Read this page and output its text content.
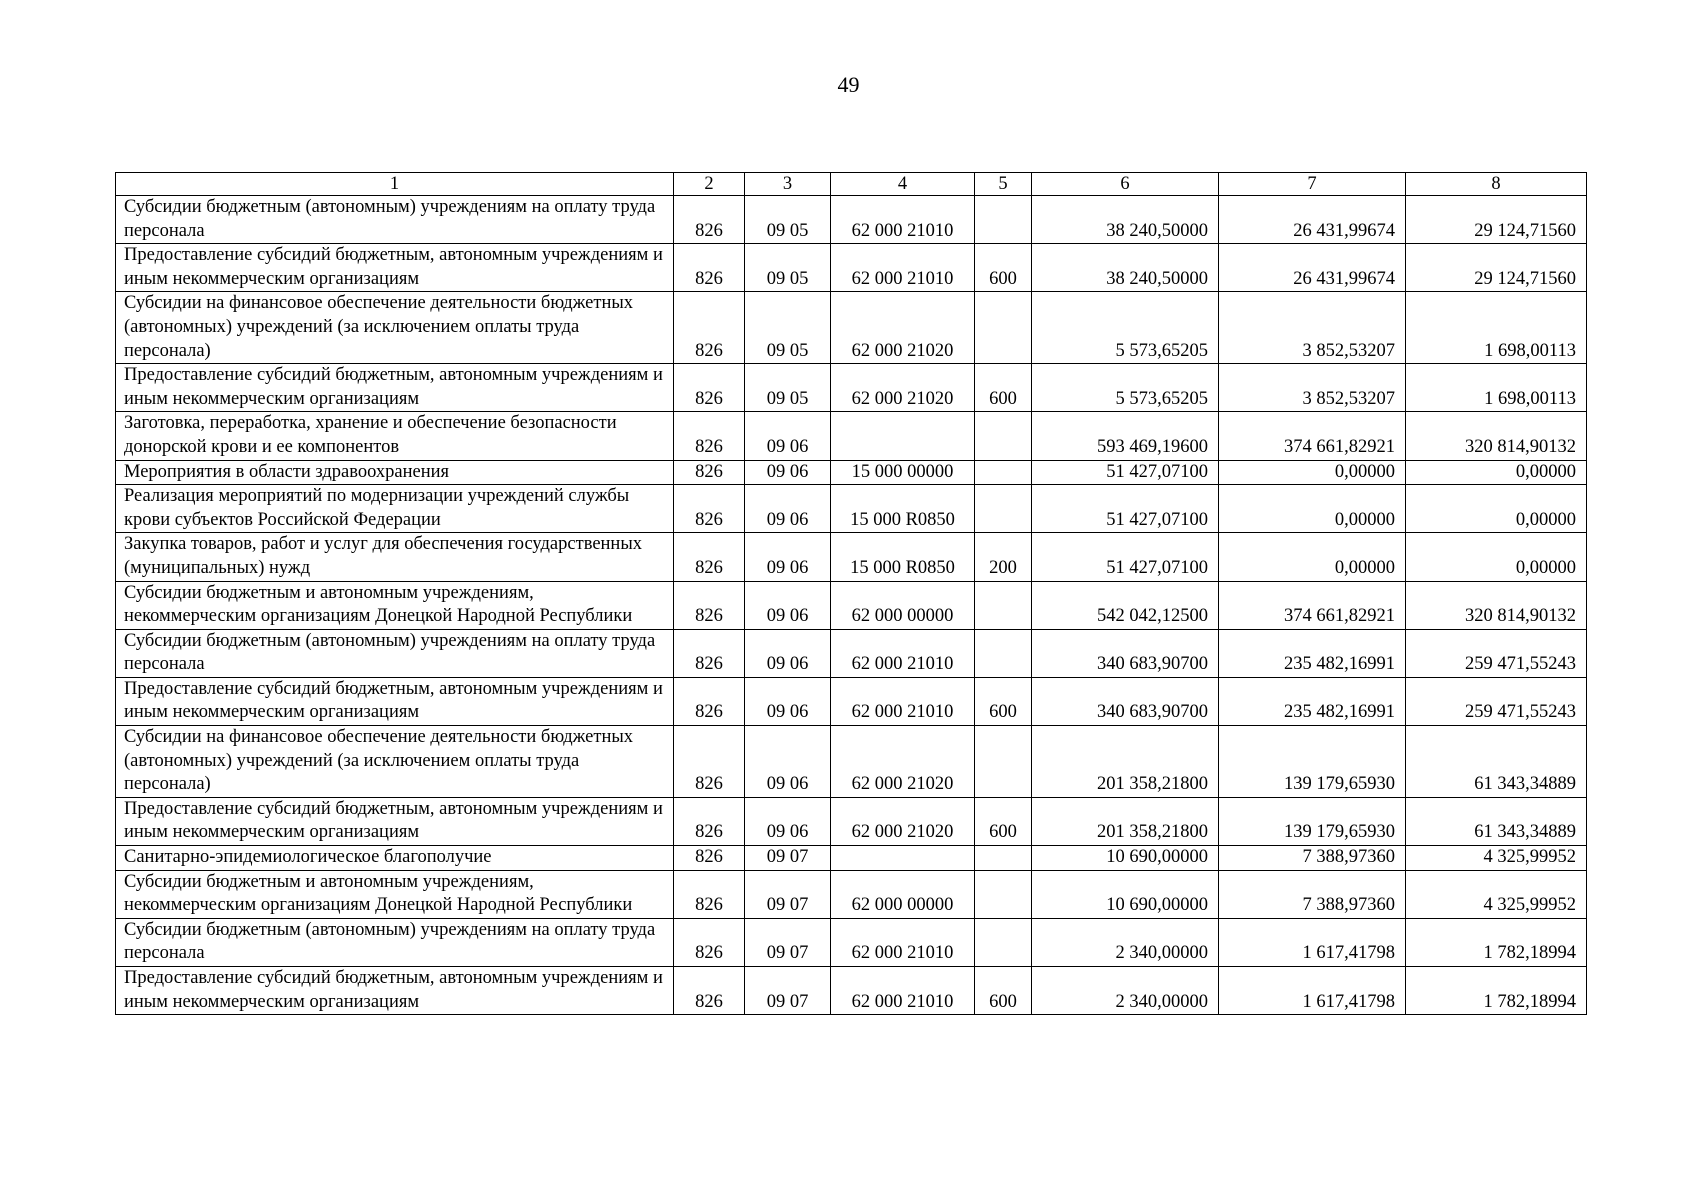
49
1	2	3	4	5	6	7	8
Субсидии бюджетным (автономным) учреждениям на оплату труда персонала	826	09 05	62 000 21010		38 240,50000	26 431,99674	29 124,71560
Предоставление субсидий бюджетным, автономным учреждениям и иным некоммерческим организациям	826	09 05	62 000 21010	600	38 240,50000	26 431,99674	29 124,71560
Субсидии на финансовое обеспечение деятельности бюджетных (автономных) учреждений (за исключением оплаты труда персонала)	826	09 05	62 000 21020		5 573,65205	3 852,53207	1 698,00113
Предоставление субсидий бюджетным, автономным учреждениям и иным некоммерческим организациям	826	09 05	62 000 21020	600	5 573,65205	3 852,53207	1 698,00113
Заготовка, переработка, хранение и обеспечение безопасности донорской крови и ее компонентов	826	09 06			593 469,19600	374 661,82921	320 814,90132
Мероприятия в области здравоохранения	826	09 06	15 000 00000		51 427,07100	0,00000	0,00000
Реализация мероприятий по модернизации учреждений службы крови субъектов Российской Федерации	826	09 06	15 000 R0850		51 427,07100	0,00000	0,00000
Закупка товаров, работ и услуг для обеспечения государственных (муниципальных) нужд	826	09 06	15 000 R0850	200	51 427,07100	0,00000	0,00000
Субсидии бюджетным и автономным учреждениям, некоммерческим организациям Донецкой Народной Республики	826	09 06	62 000 00000		542 042,12500	374 661,82921	320 814,90132
Субсидии бюджетным (автономным) учреждениям на оплату труда персонала	826	09 06	62 000 21010		340 683,90700	235 482,16991	259 471,55243
Предоставление субсидий бюджетным, автономным учреждениям и иным некоммерческим организациям	826	09 06	62 000 21010	600	340 683,90700	235 482,16991	259 471,55243
Субсидии на финансовое обеспечение деятельности бюджетных (автономных) учреждений (за исключением оплаты труда персонала)	826	09 06	62 000 21020		201 358,21800	139 179,65930	61 343,34889
Предоставление субсидий бюджетным, автономным учреждениям и иным некоммерческим организациям	826	09 06	62 000 21020	600	201 358,21800	139 179,65930	61 343,34889
Санитарно-эпидемиологическое благополучие	826	09 07			10 690,00000	7 388,97360	4 325,99952
Субсидии бюджетным и автономным учреждениям, некоммерческим организациям Донецкой Народной Республики	826	09 07	62 000 00000		10 690,00000	7 388,97360	4 325,99952
Субсидии бюджетным (автономным) учреждениям на оплату труда персонала	826	09 07	62 000 21010		2 340,00000	1 617,41798	1 782,18994
Предоставление субсидий бюджетным, автономным учреждениям и иным некоммерческим организациям	826	09 07	62 000 21010	600	2 340,00000	1 617,41798	1 782,18994
